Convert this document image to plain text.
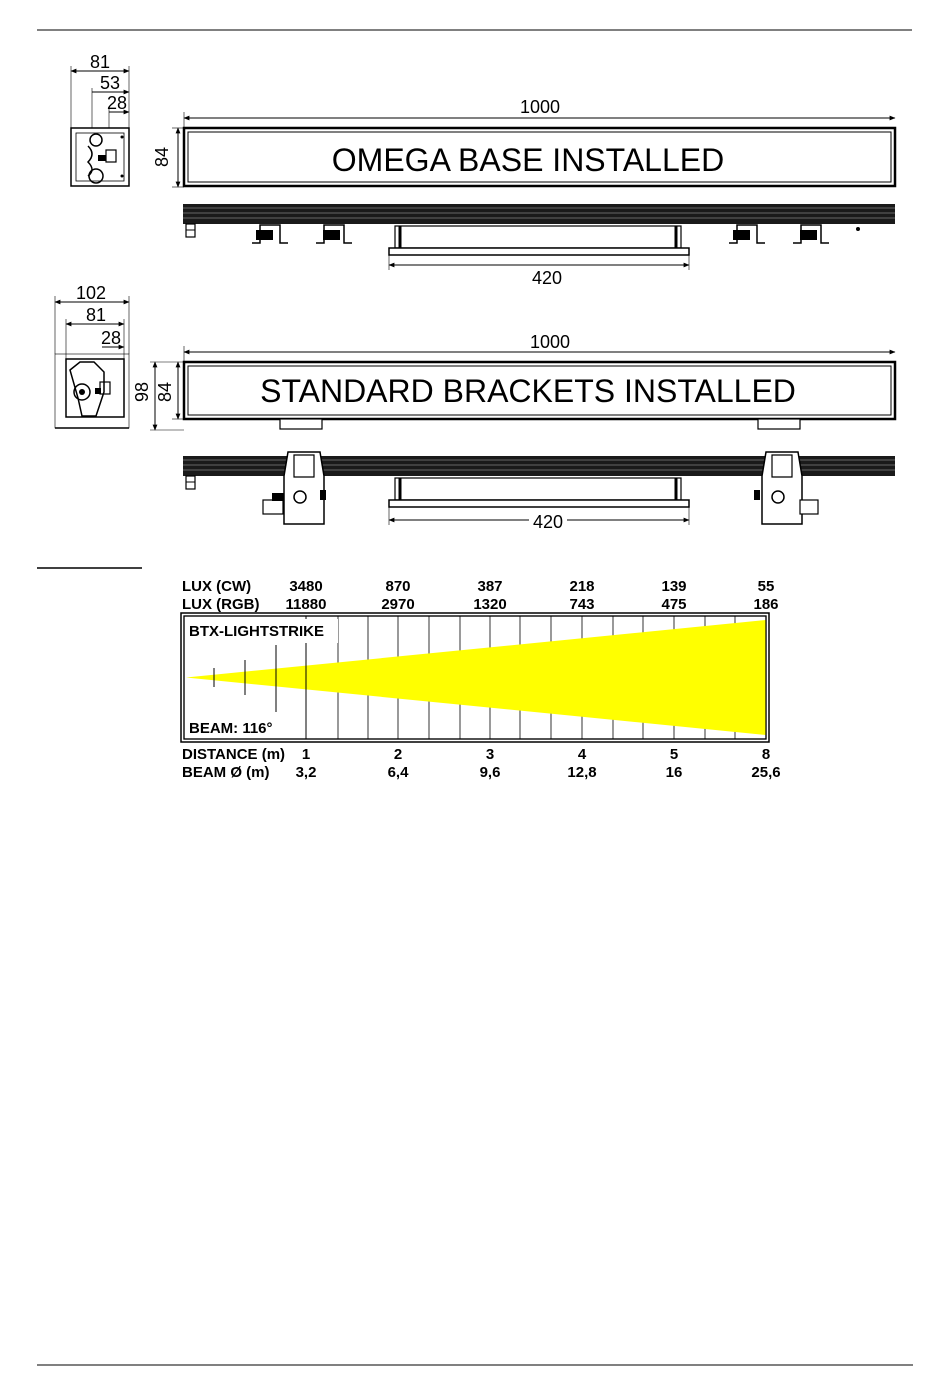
81
53
28
84
1000
OMEGA BASE INSTALLED
420
102
81
28
98 84
1000
STANDARD BRACKETS INSTALLED
420
LUX (CW)
LUX (RGB)
DISTANCE (m)
BEAM Ø (m)
BTX-LIGHTSTRIKE
BEAM: 116°
3480
11880
1
3,2
870
2970
2
6,4
387
1320
3
9,6
218
743
4
12,8
139
475
5
16
55
186
8
25,6
